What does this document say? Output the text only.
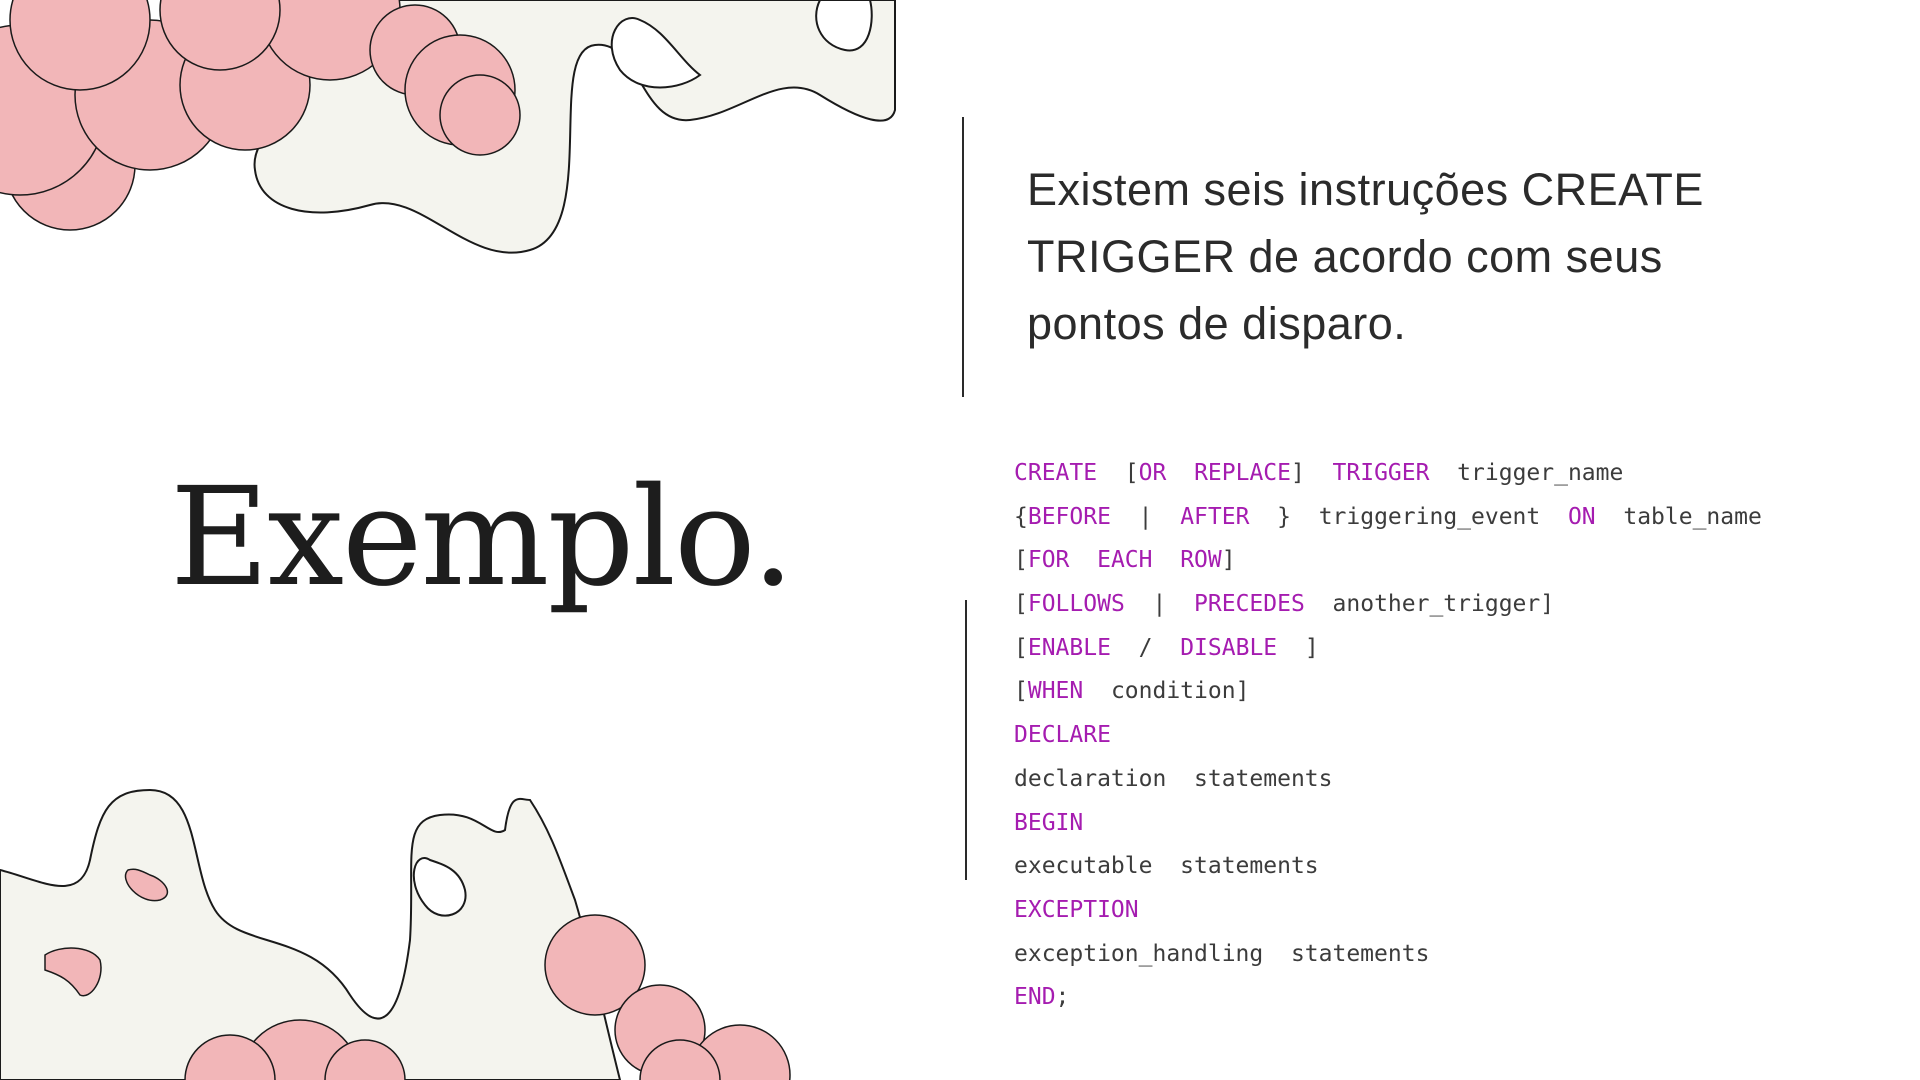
Exemplo.

Existem seis instruções CREATE TRIGGER de acordo com seus pontos de disparo.

CREATE [OR REPLACE]  TRIGGER  trigger_name
{BEFORE  |  AFTER  }  triggering_event  ON  table_name
[FOR EACH ROW]
[FOLLOWS  |  PRECEDES  another_trigger]
[ENABLE  /  DISABLE  ]
[WHEN  condition]
DECLARE
declaration  statements
BEGIN
executable  statements
EXCEPTION
exception_handling  statements
END;
